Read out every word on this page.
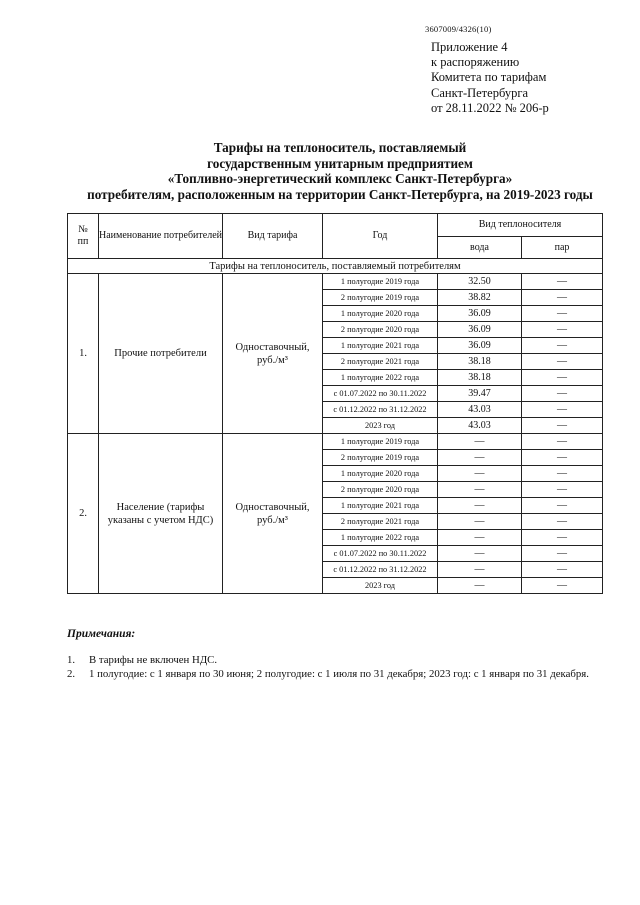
3607009/4326(10)
Приложение 4
к распоряжению
Комитета по тарифам
Санкт-Петербурга
от 28.11.2022 № 206-р
Тарифы на теплоноситель, поставляемый
государственным унитарным предприятием
«Топливно-энергетический комплекс Санкт-Петербурга»
потребителям, расположенным на территории Санкт-Петербурга, на 2019-2023 годы
№
пп	Наименование потребителей	Вид тарифа	Год	Вид теплоносителя	
				вода	пар
Тарифы на теплоноситель, поставляемый потребителям					
1.	Прочие потребители	Одноставочный, руб./м³	1 полугодие 2019 года	32.50	—
			2 полугодие 2019 года	38.82	—
			1 полугодие 2020 года	36.09	—
			2 полугодие 2020 года	36.09	—
			1 полугодие 2021 года	36.09	—
			2 полугодие 2021 года	38.18	—
			1 полугодие 2022 года	38.18	—
			с 01.07.2022 по 30.11.2022	39.47	—
			с 01.12.2022 по 31.12.2022	43.03	—
			2023 год	43.03	—
2.	Население (тарифы указаны с учетом НДС)	Одноставочный, руб./м³	1 полугодие 2019 года	—	—
			2 полугодие 2019 года	—	—
			1 полугодие 2020 года	—	—
			2 полугодие 2020 года	—	—
			1 полугодие 2021 года	—	—
			2 полугодие 2021 года	—	—
			1 полугодие 2022 года	—	—
			с 01.07.2022 по 30.11.2022	—	—
			с 01.12.2022 по 31.12.2022	—	—
			2023 год	—	—
Примечания:
1. В тарифы не включен НДС.
2. 1 полугодие: с 1 января по 30 июня; 2 полугодие: с 1 июля по 31 декабря; 2023 год: с 1 января по 31 декабря.
